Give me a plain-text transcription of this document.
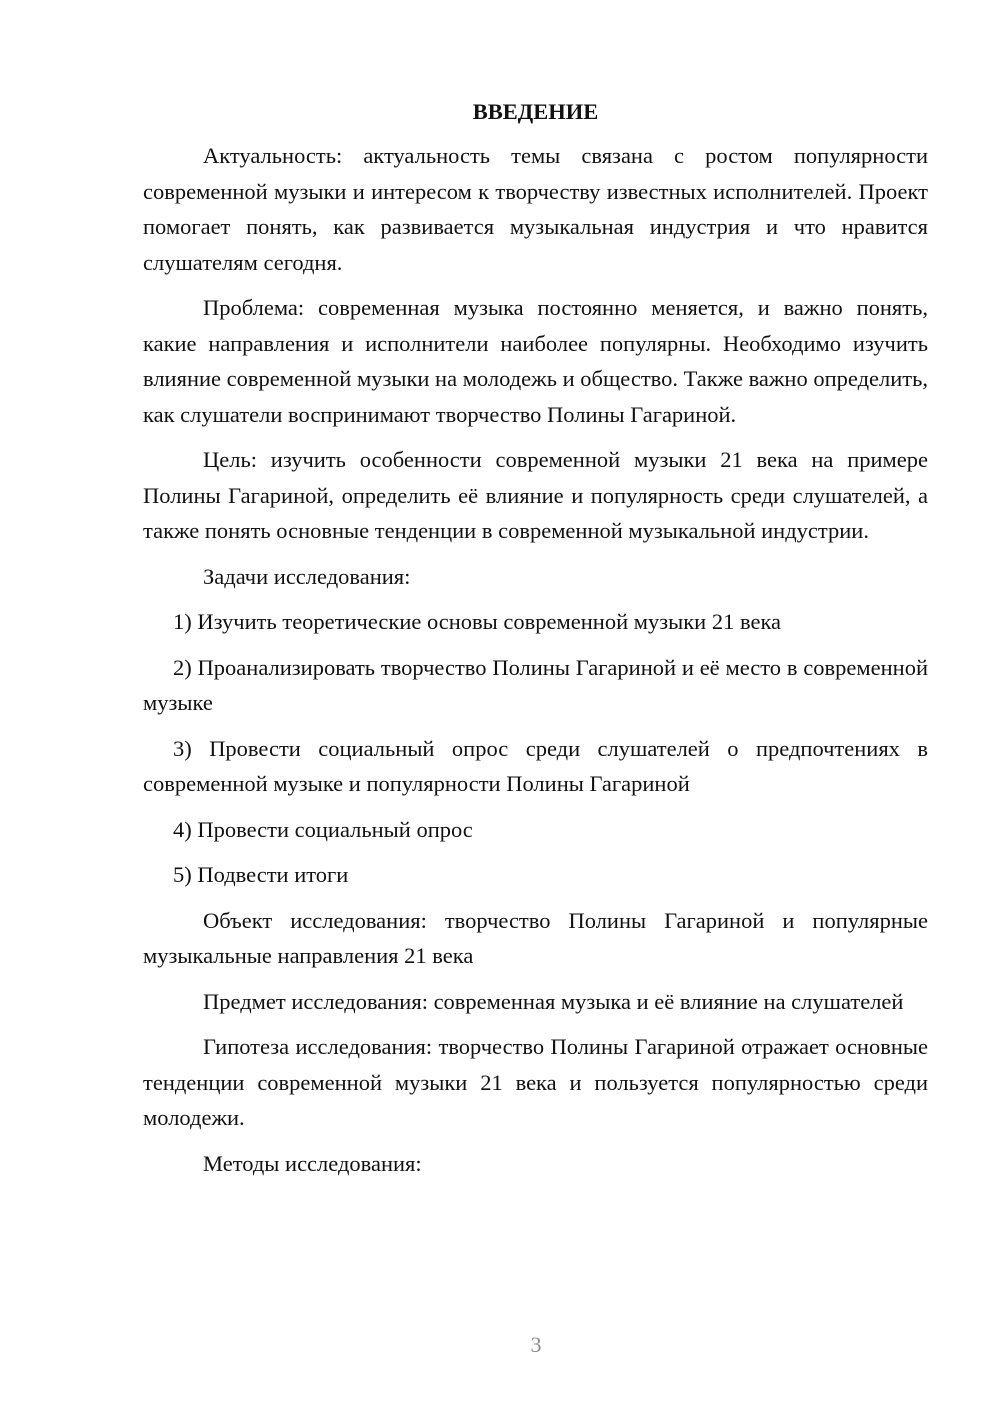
ВВЕДЕНИЕ

Актуальность: актуальность темы связана с ростом популярности современной музыки и интересом к творчеству известных исполнителей. Проект помогает понять, как развивается музыкальная индустрия и что нравится слушателям сегодня.

Проблема: современная музыка постоянно меняется, и важно понять, какие направления и исполнители наиболее популярны. Необходимо изучить влияние современной музыки на молодежь и общество. Также важно определить, как слушатели воспринимают творчество Полины Гагариной.

Цель: изучить особенности современной музыки 21 века на примере Полины Гагариной, определить её влияние и популярность среди слушателей, а также понять основные тенденции в современной музыкальной индустрии.

Задачи исследования:

1) Изучить теоретические основы современной музыки 21 века

2) Проанализировать творчество Полины Гагариной и её место в современной музыке

3) Провести социальный опрос среди слушателей о предпочтениях в современной музыке и популярности Полины Гагариной

4) Провести социальный опрос

5) Подвести итоги

Объект исследования: творчество Полины Гагариной и популярные музыкальные направления 21 века

Предмет исследования: современная музыка и её влияние на слушателей

Гипотеза исследования: творчество Полины Гагариной отражает основные тенденции современной музыки 21 века и пользуется популярностью среди молодежи.

Методы исследования:

3
